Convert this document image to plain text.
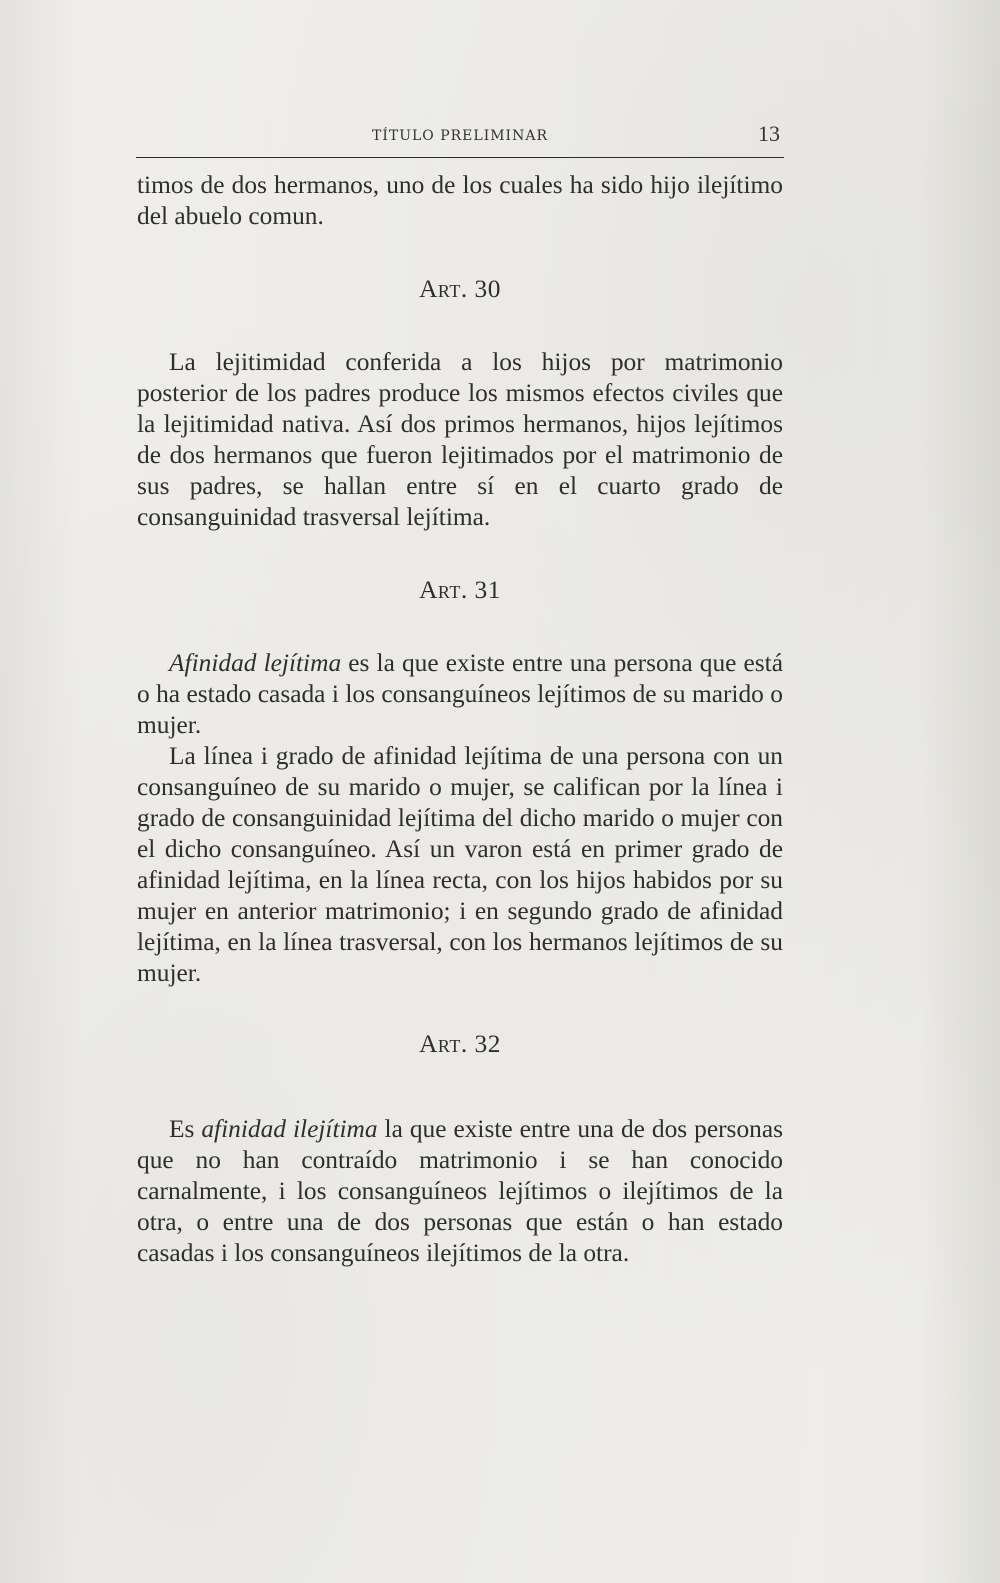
TÍTULO PRELIMINAR	13

timos de dos hermanos, uno de los cuales ha sido hijo ilejítimo del abuelo comun.

Art. 30

La lejitimidad conferida a los hijos por matrimonio posterior de los padres produce los mismos efectos civiles que la lejitimidad nativa. Así dos primos hermanos, hijos lejítimos de dos hermanos que fueron lejitimados por el matrimonio de sus padres, se hallan entre sí en el cuarto grado de consanguinidad trasversal lejítima.

Art. 31

Afinidad lejítima es la que existe entre una persona que está o ha estado casada i los consanguíneos lejítimos de su marido o mujer.

La línea i grado de afinidad lejítima de una persona con un consanguíneo de su marido o mujer, se califican por la línea i grado de consanguinidad lejítima del dicho marido o mujer con el dicho consanguíneo. Así un varon está en primer grado de afinidad lejítima, en la línea recta, con los hijos habidos por su mujer en anterior matrimonio; i en segundo grado de afinidad lejítima, en la línea trasversal, con los hermanos lejítimos de su mujer.

Art. 32

Es afinidad ilejítima la que existe entre una de dos personas que no han contraído matrimonio i se han conocido carnalmente, i los consanguíneos lejítimos o ilejítimos de la otra, o entre una de dos personas que están o han estado casadas i los consanguíneos ilejítimos de la otra.
